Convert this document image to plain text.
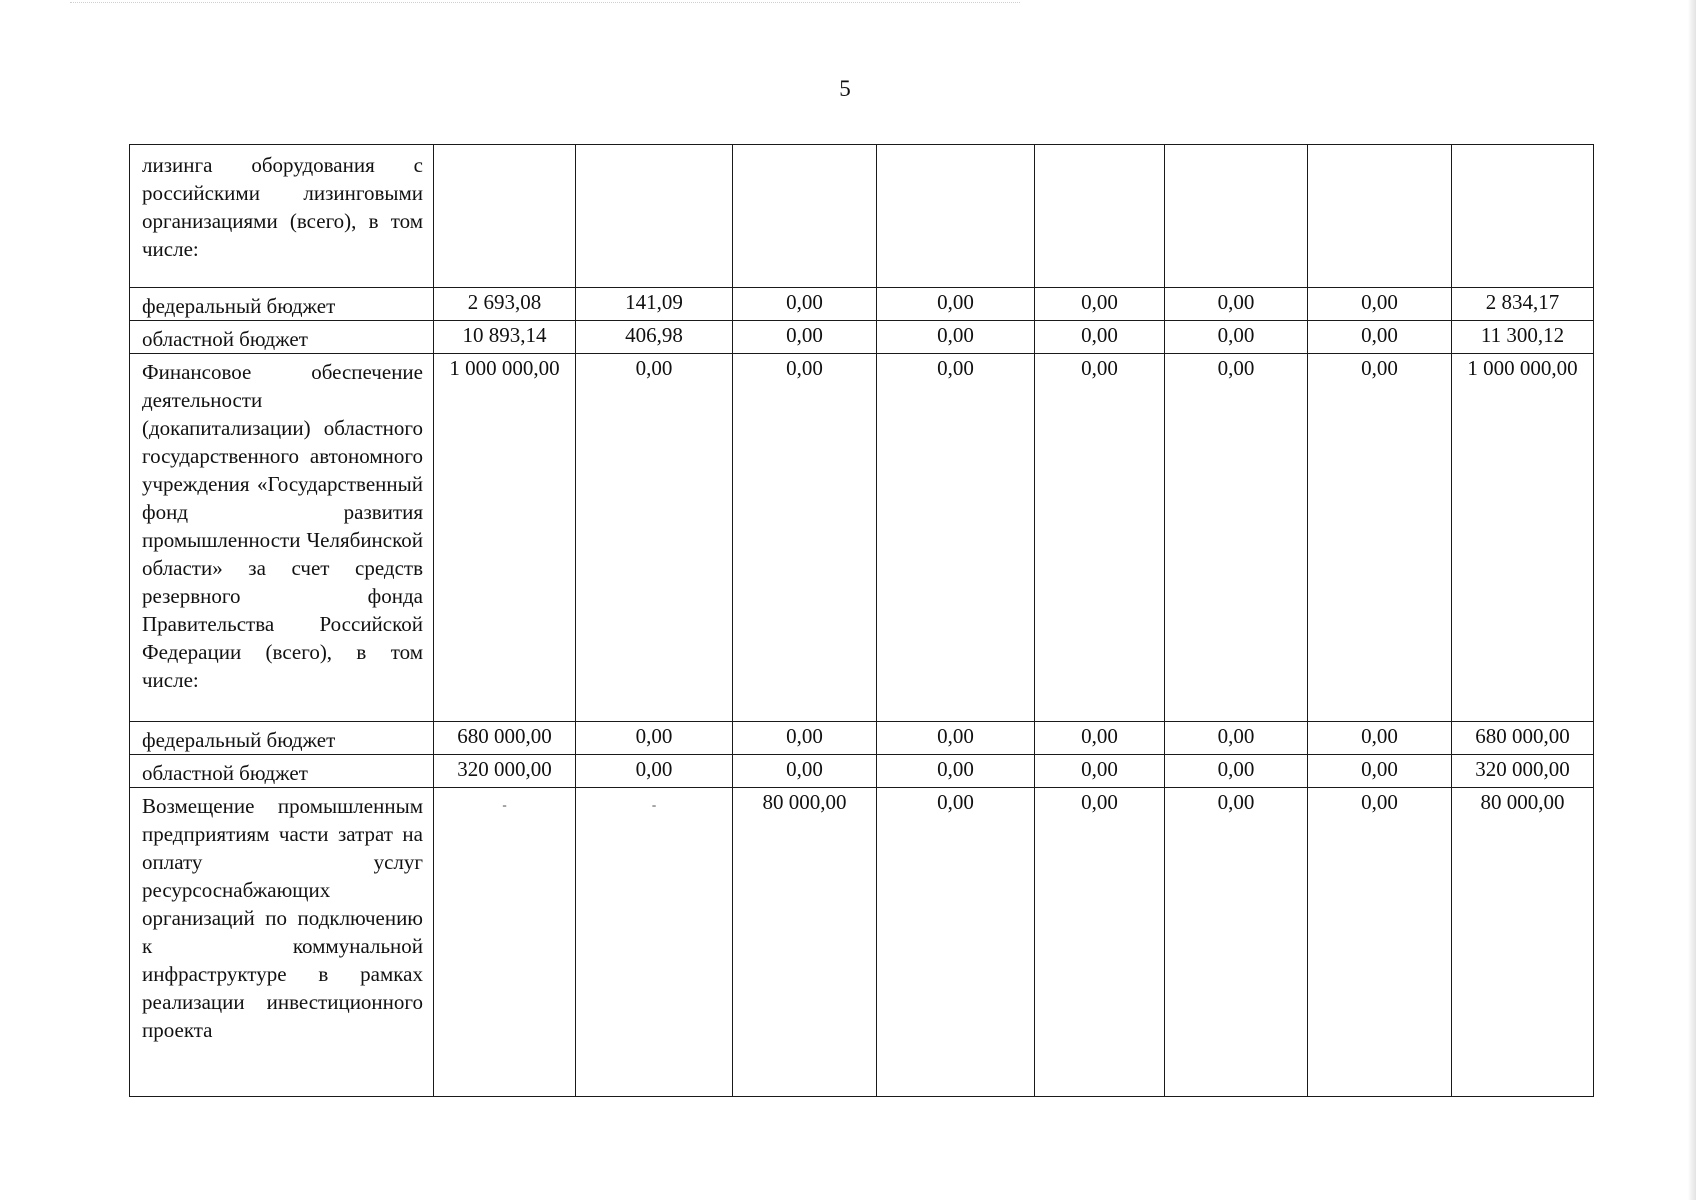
5
лизинга оборудования с российскими лизинговыми организациями (всего), в том числе:								
федеральный бюджет	2 693,08	141,09	0,00	0,00	0,00	0,00	0,00	2 834,17
областной бюджет	10 893,14	406,98	0,00	0,00	0,00	0,00	0,00	11 300,12
Финансовое обеспечение деятельности (докапитализации) областного государственного автономного учреждения «Государственный фонд развития промышленности Челябинской области» за счет средств резервного фонда Правительства Российской Федерации (всего), в том числе:	1 000 000,00	0,00	0,00	0,00	0,00	0,00	0,00	1 000 000,00
федеральный бюджет	680 000,00	0,00	0,00	0,00	0,00	0,00	0,00	680 000,00
областной бюджет	320 000,00	0,00	0,00	0,00	0,00	0,00	0,00	320 000,00
Возмещение промышленным предприятиям части затрат на оплату услуг ресурсоснабжающих организаций по подключению к коммунальной инфраструктуре в рамках реализации инвестиционного проекта	-	-	80 000,00	0,00	0,00	0,00	0,00	80 000,00
